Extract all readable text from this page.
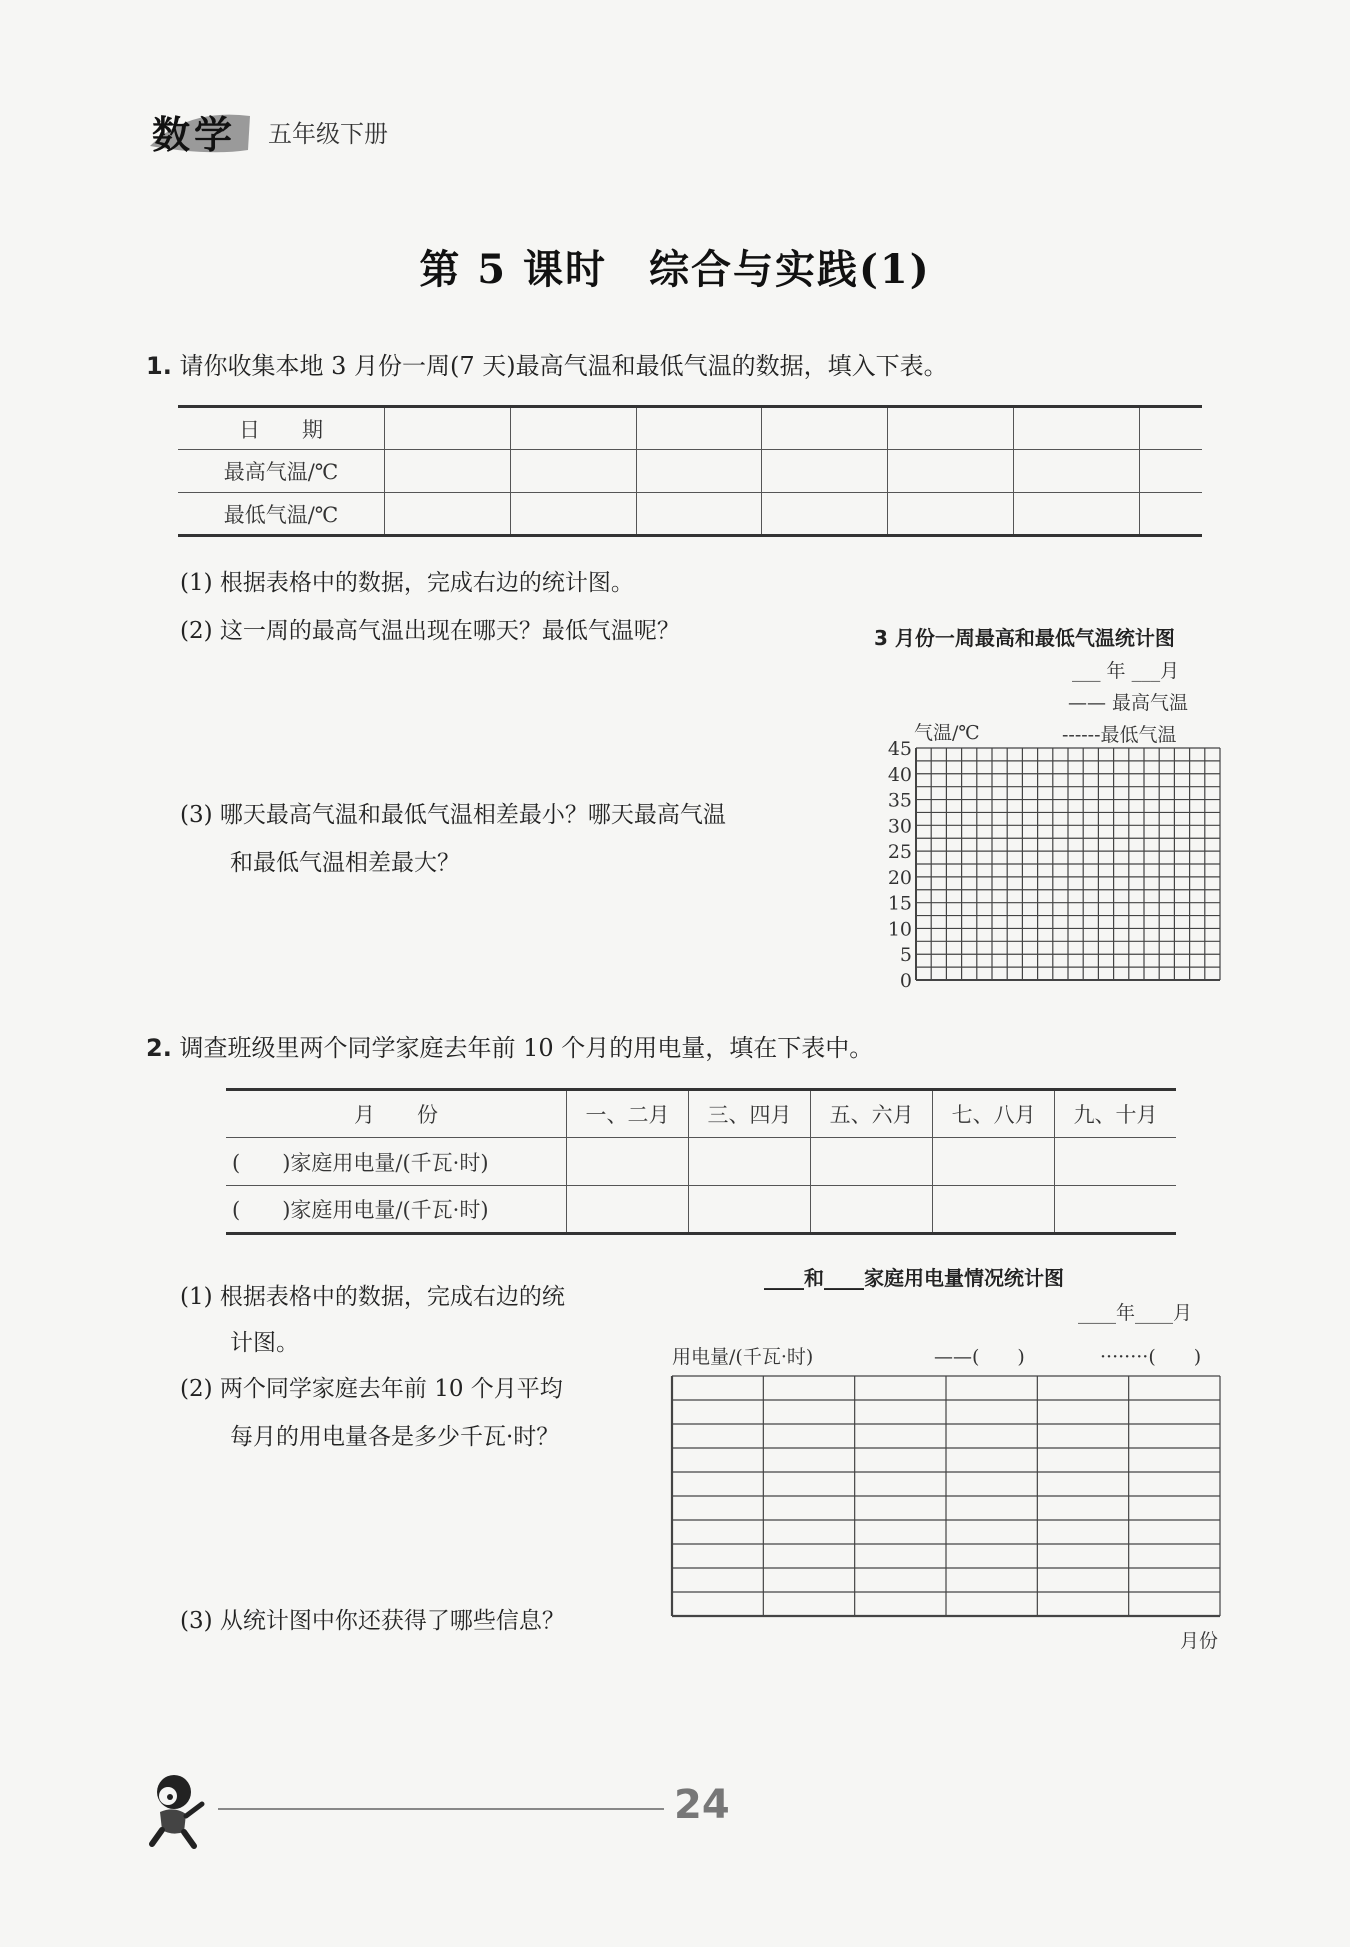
数学 五年级下册
第 5 课时　综合与实践(1)
1. 请你收集本地 3 月份一周(7 天)最高气温和最低气温的数据，填入下表。
日　　期							
最高气温/℃							
最低气温/℃							
(1) 根据表格中的数据，完成右边的统计图。
(2) 这一周的最高气温出现在哪天？最低气温呢？
(3) 哪天最高气温和最低气温相差最小？哪天最高气温
和最低气温相差最大？
3 月份一周最高和最低气温统计图
___ 年 ___月
—— 最高气温
------最低气温
气温/℃
45
40
35
30
25
20
15
10
5
0
2. 调查班级里两个同学家庭去年前 10 个月的用电量，填在下表中。
月　　份	一、二月	三、四月	五、六月	七、八月	九、十月
(　　)家庭用电量/(千瓦·时)					
(　　)家庭用电量/(千瓦·时)					
(1) 根据表格中的数据，完成右边的统
计图。
(2) 两个同学家庭去年前 10 个月平均
每月的用电量各是多少千瓦·时？
(3) 从统计图中你还获得了哪些信息？
____和____家庭用电量情况统计图
____年____月
用电量/(千瓦·时)	——(　　)	········(　　)
月份
24
